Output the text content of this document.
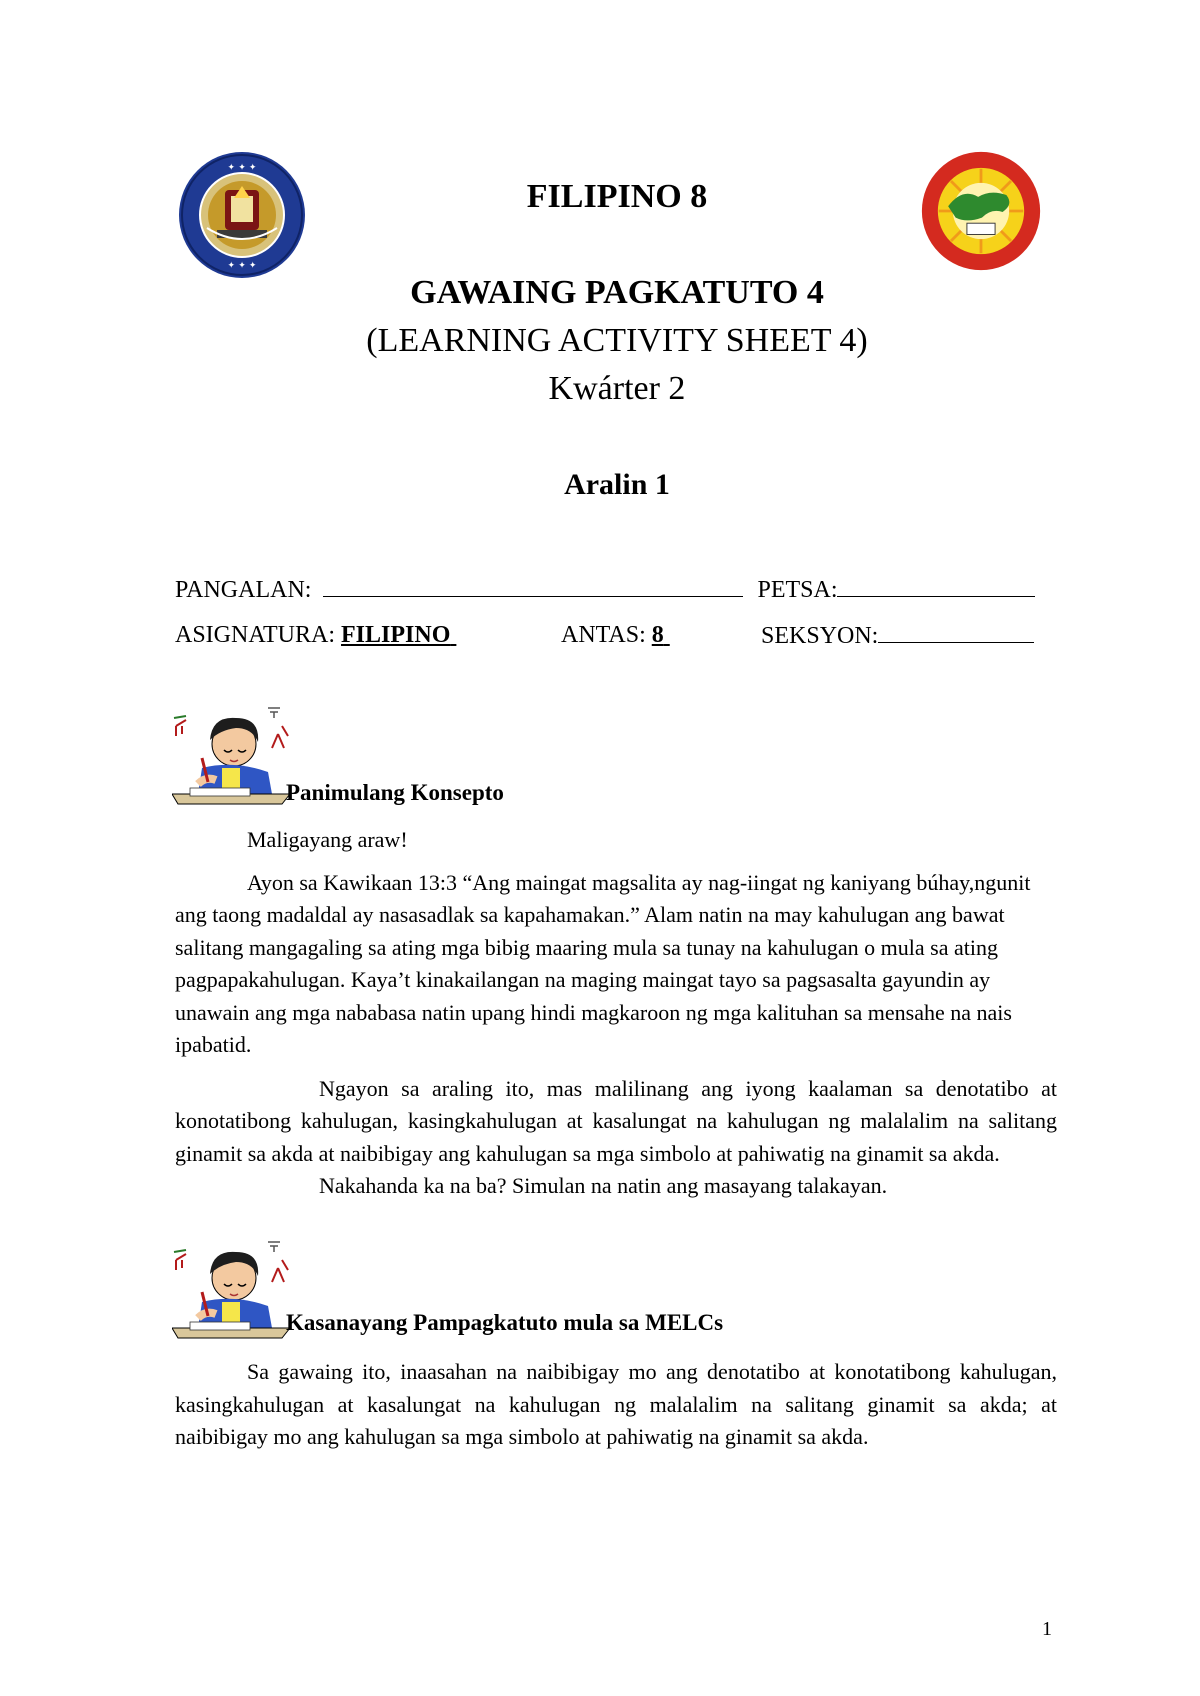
✦ ✦ ✦
✦ ✦ ✦
FILIPINO 8
GAWAING PAGKATUTO 4
(LEARNING ACTIVITY SHEET 4)
Kwárter 2
Aralin 1
PANGALAN:	PETSA:
ASIGNATURA: FILIPINO	ANTAS: 8	SEKSYON:
Panimulang Konsepto

Maligayang araw!

Ayon sa Kawikaan 13:3 “Ang maingat magsalita ay nag-iingat ng kaniyang búhay,ngunit ang taong madaldal ay nasasadlak sa kapahamakan.” Alam natin na may kahulugan ang bawat salitang mangagaling sa ating mga bibig maaring mula sa tunay na kahulugan o mula sa ating pagpapakahulugan. Kaya’t kinakailangan na maging maingat tayo sa pagsasalta gayundin ay unawain ang mga nababasa natin upang hindi magkaroon ng mga kalituhan sa mensahe na nais ipabatid.

Ngayon sa araling ito, mas malilinang ang iyong kaalaman sa denotatibo at konotatibong kahulugan, kasingkahulugan at kasalungat na kahulugan ng malalalim na salitang ginamit sa akda at naibibigay ang kahulugan sa mga simbolo at pahiwatig na ginamit sa akda.

Nakahanda ka na ba? Simulan na natin ang masayang talakayan.

Kasanayang Pampagkatuto mula sa MELCs

Sa gawaing ito, inaasahan na naibibigay mo ang denotatibo at konotatibong kahulugan, kasingkahulugan at kasalungat na kahulugan ng malalalim na salitang ginamit sa akda; at naibibigay mo ang kahulugan sa mga simbolo at pahiwatig na ginamit sa akda.

1
